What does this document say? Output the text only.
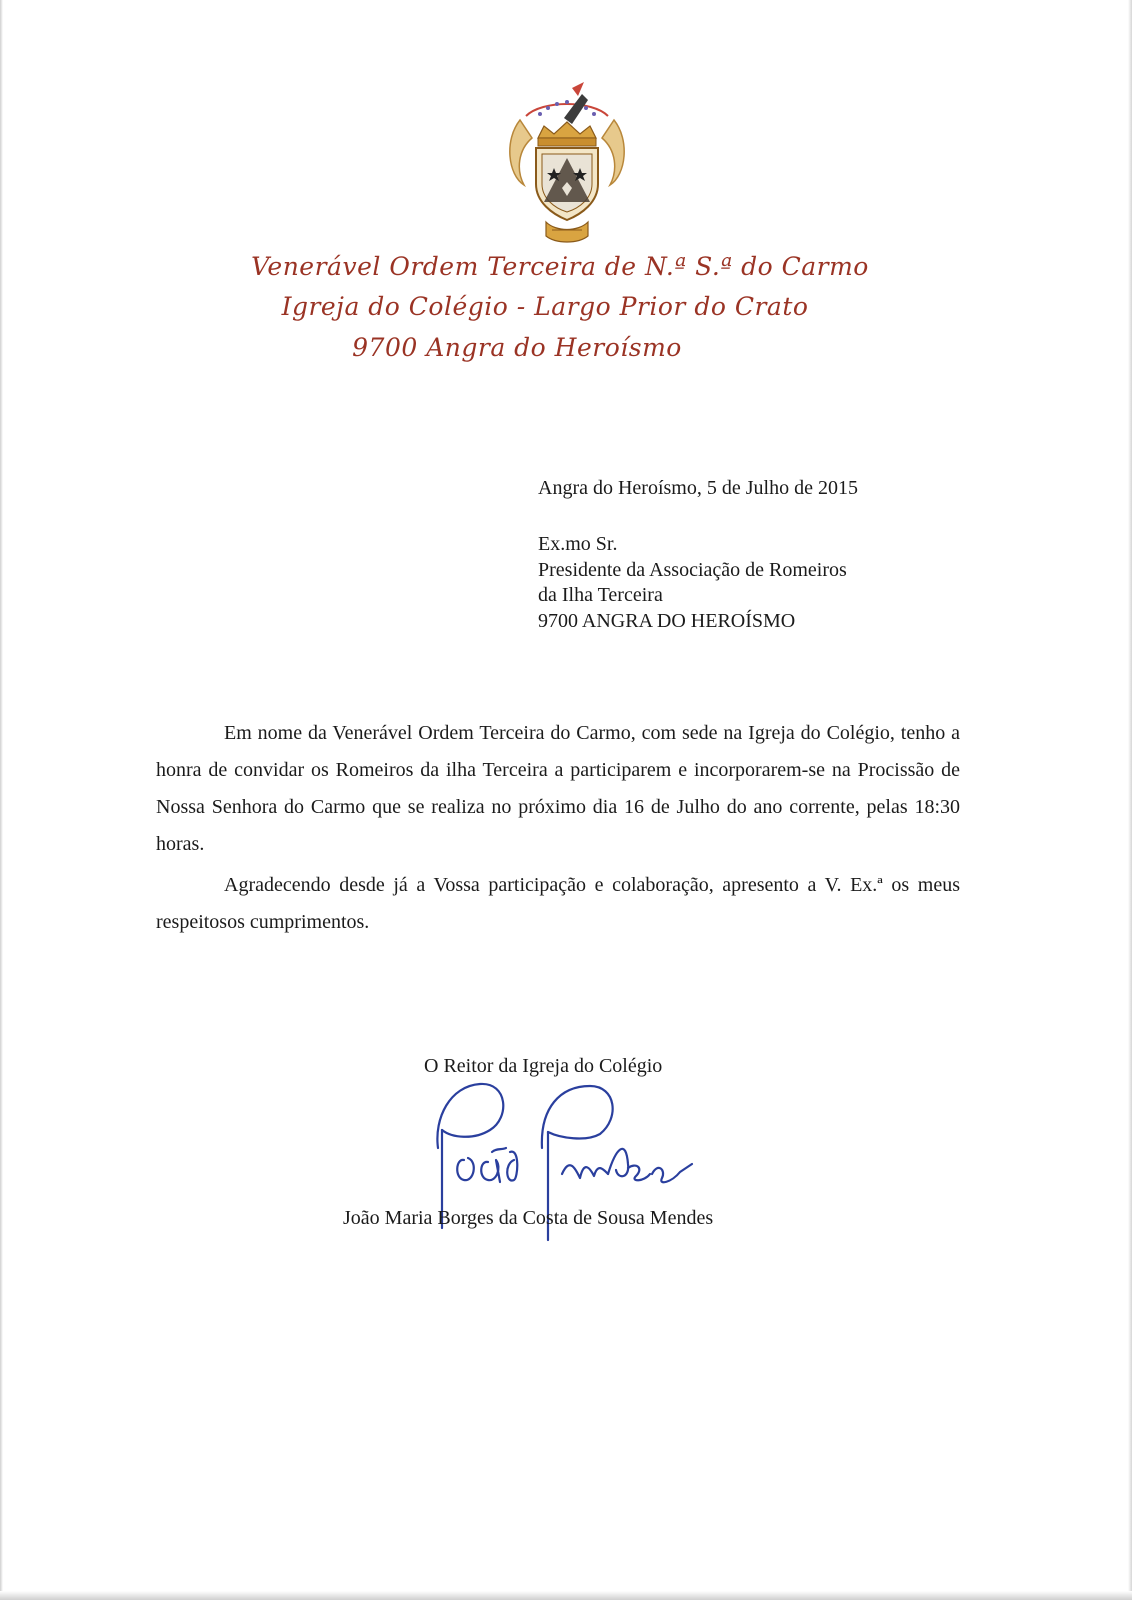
Venerável Ordem Terceira de N.ª S.ª do Carmo
Igreja do Colégio - Largo Prior do Crato
9700 Angra do Heroísmo
Angra do Heroísmo, 5 de Julho de 2015
Ex.mo Sr.
Presidente da Associação de Romeiros
da Ilha Terceira
9700 ANGRA DO HEROÍSMO

Em nome da Venerável Ordem Terceira do Carmo, com sede na Igreja do Colégio, tenho a honra de convidar os Romeiros da ilha Terceira a participarem e incorporarem-se na Procissão de Nossa Senhora do Carmo que se realiza no próximo dia 16 de Julho do ano corrente, pelas 18:30 horas.

Agradecendo desde já a Vossa participação e colaboração, apresento a V. Ex.ª os meus respeitosos cumprimentos.

O Reitor da Igreja do Colégio
João Maria Borges da Costa de Sousa Mendes
